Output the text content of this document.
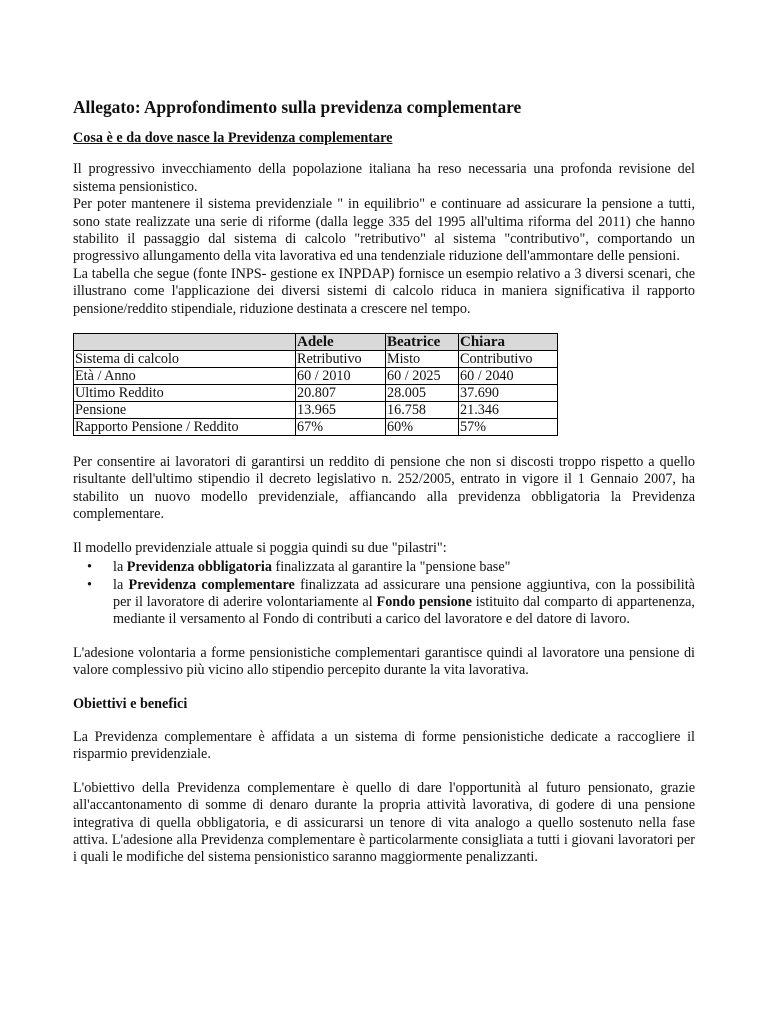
Allegato: Approfondimento sulla previdenza complementare
Cosa è e da dove nasce la Previdenza complementare

Il progressivo invecchiamento della popolazione italiana ha reso necessaria una profonda revisione del sistema pensionistico.

Per poter mantenere il sistema previdenziale " in equilibrio" e continuare ad assicurare la pensione a tutti, sono state realizzate una serie di riforme (dalla legge 335 del 1995 all'ultima riforma del 2011) che hanno stabilito il passaggio dal sistema di calcolo "retributivo" al sistema "contributivo", comportando un progressivo allungamento della vita lavorativa ed una tendenziale riduzione dell'ammontare delle pensioni.

La tabella che segue (fonte INPS- gestione ex INPDAP) fornisce un esempio relativo a 3 diversi scenari, che illustrano come l'applicazione dei diversi sistemi di calcolo riduca in maniera significativa il rapporto pensione/reddito stipendiale, riduzione destinata a crescere nel tempo.

	Adele	Beatrice	Chiara
Sistema di calcolo	Retributivo	Misto	Contributivo
Età / Anno	60 / 2010	60 / 2025	60 / 2040
Ultimo Reddito	20.807	28.005	37.690
Pensione	13.965	16.758	21.346
Rapporto Pensione / Reddito	67%	60%	57%

Per consentire ai lavoratori di garantirsi un reddito di pensione che non si discosti troppo rispetto a quello risultante dell'ultimo stipendio il decreto legislativo n. 252/2005, entrato in vigore il 1 Gennaio 2007, ha stabilito un nuovo modello previdenziale, affiancando alla previdenza obbligatoria la Previdenza complementare.

Il modello previdenziale attuale si poggia quindi su due "pilastri":

• la Previdenza obbligatoria finalizzata al garantire la "pensione base"
• la Previdenza complementare finalizzata ad assicurare una pensione aggiuntiva, con la possibilità per il lavoratore di aderire volontariamente al Fondo pensione istituito dal comparto di appartenenza, mediante il versamento al Fondo di contributi a carico del lavoratore e del datore di lavoro.

L'adesione volontaria a forme pensionistiche complementari garantisce quindi al lavoratore una pensione di valore complessivo più vicino allo stipendio percepito durante la vita lavorativa.

Obiettivi e benefici

La Previdenza complementare è affidata a un sistema di forme pensionistiche dedicate a raccogliere il risparmio previdenziale.

L'obiettivo della Previdenza complementare è quello di dare l'opportunità al futuro pensionato, grazie all'accantonamento di somme di denaro durante la propria attività lavorativa, di godere di una pensione integrativa di quella obbligatoria, e di assicurarsi un tenore di vita analogo a quello sostenuto nella fase attiva. L'adesione alla Previdenza complementare è particolarmente consigliata a tutti i giovani lavoratori per i quali le modifiche del sistema pensionistico saranno maggiormente penalizzanti.
